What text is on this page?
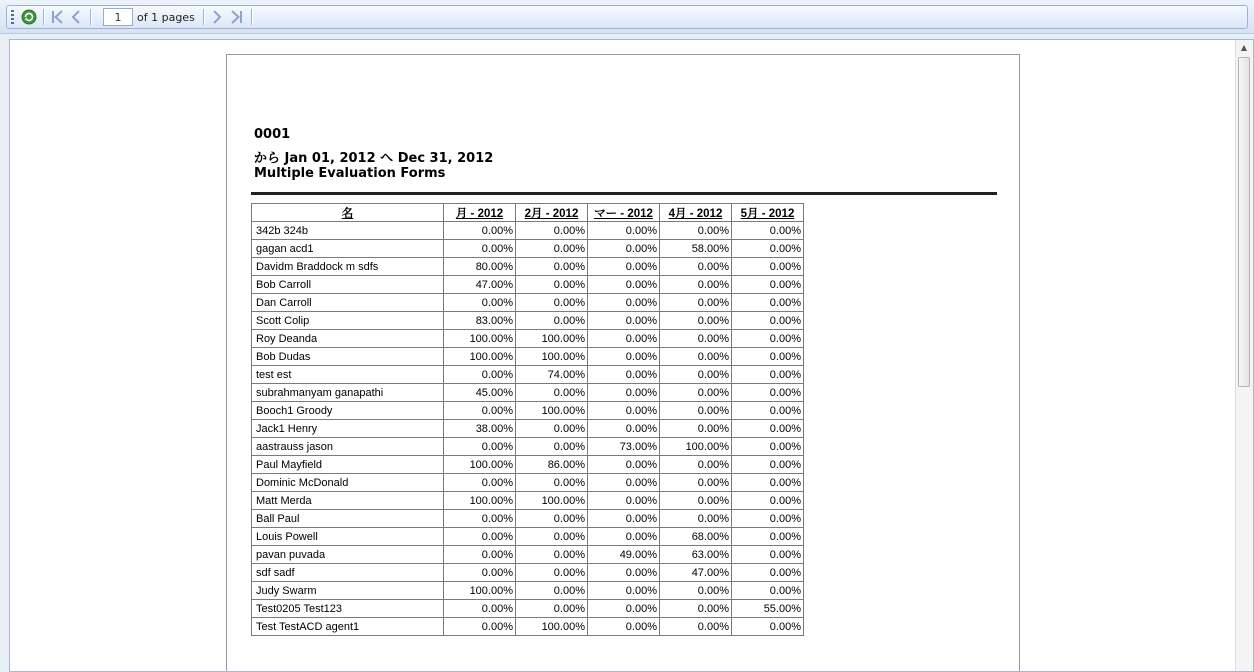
1
of 1 pages
0001
から Jan 01, 2012 へ Dec 31, 2012
Multiple Evaluation Forms
名	月 - 2012	2月 - 2012	マー - 2012	4月 - 2012	5月 - 2012
342b 324b	0.00%	0.00%	0.00%	0.00%	0.00%
gagan acd1	0.00%	0.00%	0.00%	58.00%	0.00%
Davidm Braddock m sdfs	80.00%	0.00%	0.00%	0.00%	0.00%
Bob Carroll	47.00%	0.00%	0.00%	0.00%	0.00%
Dan Carroll	0.00%	0.00%	0.00%	0.00%	0.00%
Scott Colip	83.00%	0.00%	0.00%	0.00%	0.00%
Roy Deanda	100.00%	100.00%	0.00%	0.00%	0.00%
Bob Dudas	100.00%	100.00%	0.00%	0.00%	0.00%
test est	0.00%	74.00%	0.00%	0.00%	0.00%
subrahmanyam ganapathi	45.00%	0.00%	0.00%	0.00%	0.00%
Booch1 Groody	0.00%	100.00%	0.00%	0.00%	0.00%
Jack1 Henry	38.00%	0.00%	0.00%	0.00%	0.00%
aastrauss jason	0.00%	0.00%	73.00%	100.00%	0.00%
Paul Mayfield	100.00%	86.00%	0.00%	0.00%	0.00%
Dominic McDonald	0.00%	0.00%	0.00%	0.00%	0.00%
Matt Merda	100.00%	100.00%	0.00%	0.00%	0.00%
Ball Paul	0.00%	0.00%	0.00%	0.00%	0.00%
Louis Powell	0.00%	0.00%	0.00%	68.00%	0.00%
pavan puvada	0.00%	0.00%	49.00%	63.00%	0.00%
sdf sadf	0.00%	0.00%	0.00%	47.00%	0.00%
Judy Swarm	100.00%	0.00%	0.00%	0.00%	0.00%
Test0205 Test123	0.00%	0.00%	0.00%	0.00%	55.00%
Test TestACD agent1	0.00%	100.00%	0.00%	0.00%	0.00%
▲
